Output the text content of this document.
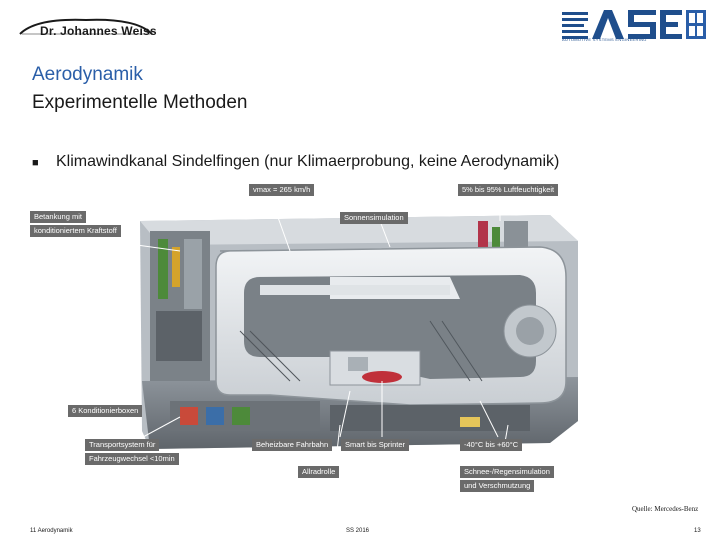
Dr. Johannes Weiss
AUTOMOTIVE SYSTEMS ENGINEERING
Aerodynamik
Experimentelle Methoden
■ Klimawindkanal Sindelfingen (nur Klimaerprobung, keine Aerodynamik)
vmax = 265 km/h	5% bis 95% Luftfeuchtigkeit
Betankung mit
konditioniertem Kraftstoff
Sonnensimulation
6 Konditionierboxen
Transportsystem für
Fahrzeugwechsel <10min
Beheizbare Fahrbahn	Smart bis Sprinter	-40°C bis +60°C
Allradrolle	Schnee-/Regensimulation
und Verschmutzung
Quelle: Mercedes-Benz
11 Aerodynamik	SS 2016	13
